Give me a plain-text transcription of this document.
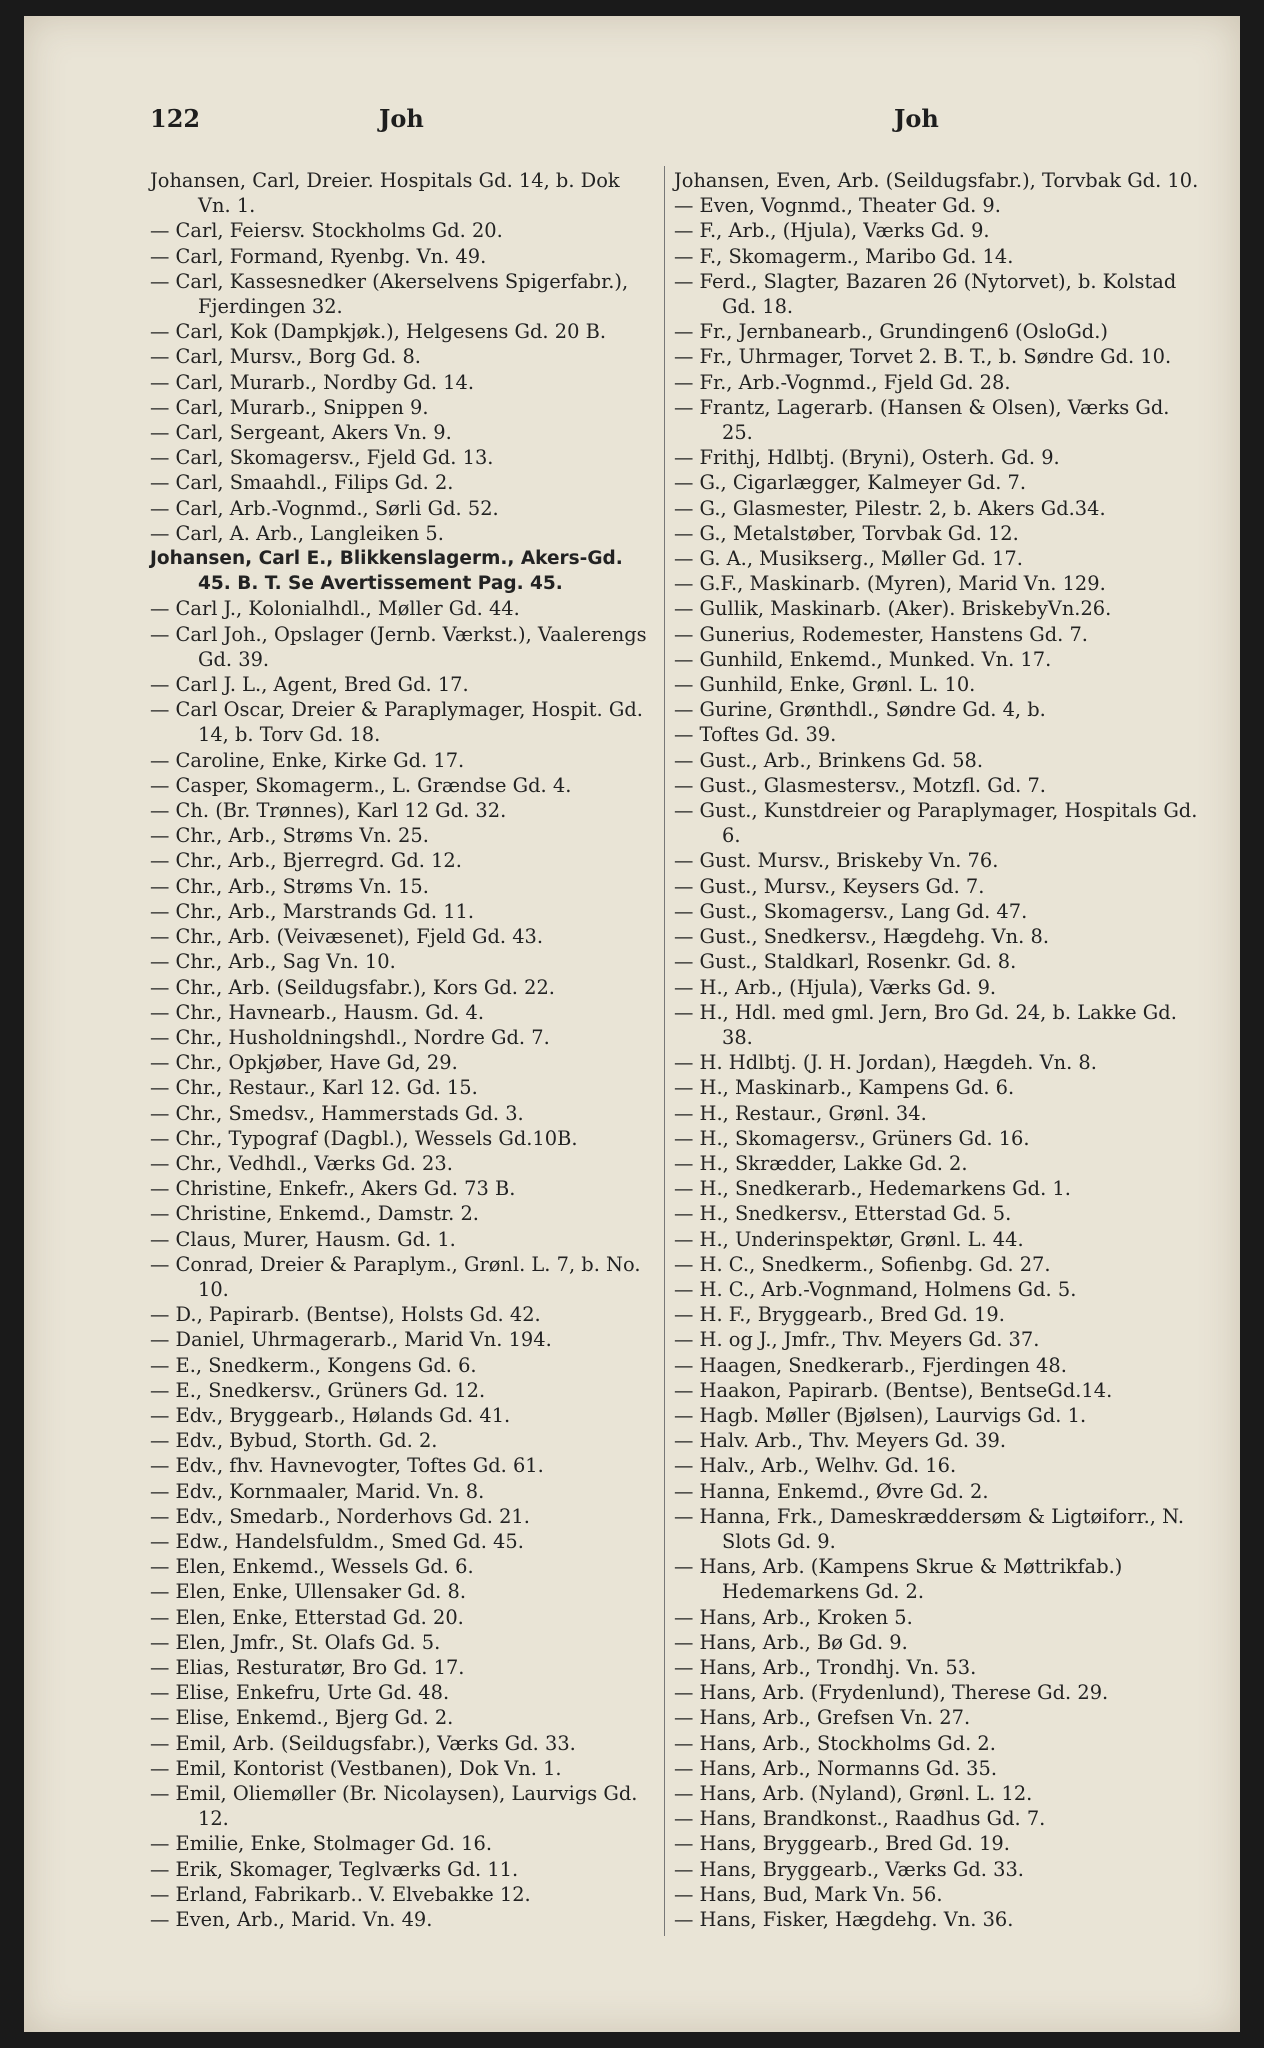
122	Joh	Joh
Johansen, Carl, Dreier. Hospitals Gd. 14, b. Dok Vn. 1.
— Carl, Feiersv. Stockholms Gd. 20.
— Carl, Formand, Ryenbg. Vn. 49.
— Carl, Kassesnedker (Akerselvens Spigerfabr.), Fjerdingen 32.
— Carl, Kok (Dampkjøk.), Helgesens Gd. 20 B.
— Carl, Mursv., Borg Gd. 8.
— Carl, Murarb., Nordby Gd. 14.
— Carl, Murarb., Snippen 9.
— Carl, Sergeant, Akers Vn. 9.
— Carl, Skomagersv., Fjeld Gd. 13.
— Carl, Smaahdl., Filips Gd. 2.
— Carl, Arb.-Vognmd., Sørli Gd. 52.
— Carl, A. Arb., Langleiken 5.
Johansen, Carl E., Blikkenslagerm., Akers-Gd. 45. B. T. Se Avertissement Pag. 45.
— Carl J., Kolonialhdl., Møller Gd. 44.
— Carl Joh., Opslager (Jernb. Værkst.), Vaalerengs Gd. 39.
— Carl J. L., Agent, Bred Gd. 17.
— Carl Oscar, Dreier & Paraplymager, Hospit. Gd. 14, b. Torv Gd. 18.
— Caroline, Enke, Kirke Gd. 17.
— Casper, Skomagerm., L. Grændse Gd. 4.
— Ch. (Br. Trønnes), Karl 12 Gd. 32.
— Chr., Arb., Strøms Vn. 25.
— Chr., Arb., Bjerregrd. Gd. 12.
— Chr., Arb., Strøms Vn. 15.
— Chr., Arb., Marstrands Gd. 11.
— Chr., Arb. (Veivæsenet), Fjeld Gd. 43.
— Chr., Arb., Sag Vn. 10.
— Chr., Arb. (Seildugsfabr.), Kors Gd. 22.
— Chr., Havnearb., Hausm. Gd. 4.
— Chr., Husholdningshdl., Nordre Gd. 7.
— Chr., Opkjøber, Have Gd, 29.
— Chr., Restaur., Karl 12. Gd. 15.
— Chr., Smedsv., Hammerstads Gd. 3.
— Chr., Typograf (Dagbl.), Wessels Gd.10B.
— Chr., Vedhdl., Værks Gd. 23.
— Christine, Enkefr., Akers Gd. 73 B.
— Christine, Enkemd., Damstr. 2.
— Claus, Murer, Hausm. Gd. 1.
— Conrad, Dreier & Paraplym., Grønl. L. 7, b. No. 10.
— D., Papirarb. (Bentse), Holsts Gd. 42.
— Daniel, Uhrmagerarb., Marid Vn. 194.
— E., Snedkerm., Kongens Gd. 6.
— E., Snedkersv., Grüners Gd. 12.
— Edv., Bryggearb., Hølands Gd. 41.
— Edv., Bybud, Storth. Gd. 2.
— Edv., fhv. Havnevogter, Toftes Gd. 61.
— Edv., Kornmaaler, Marid. Vn. 8.
— Edv., Smedarb., Norderhovs Gd. 21.
— Edw., Handelsfuldm., Smed Gd. 45.
— Elen, Enkemd., Wessels Gd. 6.
— Elen, Enke, Ullensaker Gd. 8.
— Elen, Enke, Etterstad Gd. 20.
— Elen, Jmfr., St. Olafs Gd. 5.
— Elias, Resturatør, Bro Gd. 17.
— Elise, Enkefru, Urte Gd. 48.
— Elise, Enkemd., Bjerg Gd. 2.
— Emil, Arb. (Seildugsfabr.), Værks Gd. 33.
— Emil, Kontorist (Vestbanen), Dok Vn. 1.
— Emil, Oliemøller (Br. Nicolaysen), Laurvigs Gd. 12.
— Emilie, Enke, Stolmager Gd. 16.
— Erik, Skomager, Teglværks Gd. 11.
— Erland, Fabrikarb.. V. Elvebakke 12.
— Even, Arb., Marid. Vn. 49.
Johansen, Even, Arb. (Seildugsfabr.), Torvbak Gd. 10.
— Even, Vognmd., Theater Gd. 9.
— F., Arb., (Hjula), Værks Gd. 9.
— F., Skomagerm., Maribo Gd. 14.
— Ferd., Slagter, Bazaren 26 (Nytorvet), b. Kolstad Gd. 18.
— Fr., Jernbanearb., Grundingen6 (OsloGd.)
— Fr., Uhrmager, Torvet 2. B. T., b. Søndre Gd. 10.
— Fr., Arb.-Vognmd., Fjeld Gd. 28.
— Frantz, Lagerarb. (Hansen & Olsen), Værks Gd. 25.
— Frithj, Hdlbtj. (Bryni), Osterh. Gd. 9.
— G., Cigarlægger, Kalmeyer Gd. 7.
— G., Glasmester, Pilestr. 2, b. Akers Gd.34.
— G., Metalstøber, Torvbak Gd. 12.
— G. A., Musikserg., Møller Gd. 17.
— G.F., Maskinarb. (Myren), Marid Vn. 129.
— Gullik, Maskinarb. (Aker). BriskebyVn.26.
— Gunerius, Rodemester, Hanstens Gd. 7.
— Gunhild, Enkemd., Munked. Vn. 17.
— Gunhild, Enke, Grønl. L. 10.
— Gurine, Grønthdl., Søndre Gd. 4, b.
— Toftes Gd. 39.
— Gust., Arb., Brinkens Gd. 58.
— Gust., Glasmestersv., Motzfl. Gd. 7.
— Gust., Kunstdreier og Paraplymager, Hospitals Gd. 6.
— Gust. Mursv., Briskeby Vn. 76.
— Gust., Mursv., Keysers Gd. 7.
— Gust., Skomagersv., Lang Gd. 47.
— Gust., Snedkersv., Hægdehg. Vn. 8.
— Gust., Staldkarl, Rosenkr. Gd. 8.
— H., Arb., (Hjula), Værks Gd. 9.
— H., Hdl. med gml. Jern, Bro Gd. 24, b. Lakke Gd. 38.
— H. Hdlbtj. (J. H. Jordan), Hægdeh. Vn. 8.
— H., Maskinarb., Kampens Gd. 6.
— H., Restaur., Grønl. 34.
— H., Skomagersv., Grüners Gd. 16.
— H., Skrædder, Lakke Gd. 2.
— H., Snedkerarb., Hedemarkens Gd. 1.
— H., Snedkersv., Etterstad Gd. 5.
— H., Underinspektør, Grønl. L. 44.
— H. C., Snedkerm., Sofienbg. Gd. 27.
— H. C., Arb.-Vognmand, Holmens Gd. 5.
— H. F., Bryggearb., Bred Gd. 19.
— H. og J., Jmfr., Thv. Meyers Gd. 37.
— Haagen, Snedkerarb., Fjerdingen 48.
— Haakon, Papirarb. (Bentse), BentseGd.14.
— Hagb. Møller (Bjølsen), Laurvigs Gd. 1.
— Halv. Arb., Thv. Meyers Gd. 39.
— Halv., Arb., Welhv. Gd. 16.
— Hanna, Enkemd., Øvre Gd. 2.
— Hanna, Frk., Dameskræddersøm & Ligtøiforr., N. Slots Gd. 9.
— Hans, Arb. (Kampens Skrue & Møttrikfab.) Hedemarkens Gd. 2.
— Hans, Arb., Kroken 5.
— Hans, Arb., Bø Gd. 9.
— Hans, Arb., Trondhj. Vn. 53.
— Hans, Arb. (Frydenlund), Therese Gd. 29.
— Hans, Arb., Grefsen Vn. 27.
— Hans, Arb., Stockholms Gd. 2.
— Hans, Arb., Normanns Gd. 35.
— Hans, Arb. (Nyland), Grønl. L. 12.
— Hans, Brandkonst., Raadhus Gd. 7.
— Hans, Bryggearb., Bred Gd. 19.
— Hans, Bryggearb., Værks Gd. 33.
— Hans, Bud, Mark Vn. 56.
— Hans, Fisker, Hægdehg. Vn. 36.
